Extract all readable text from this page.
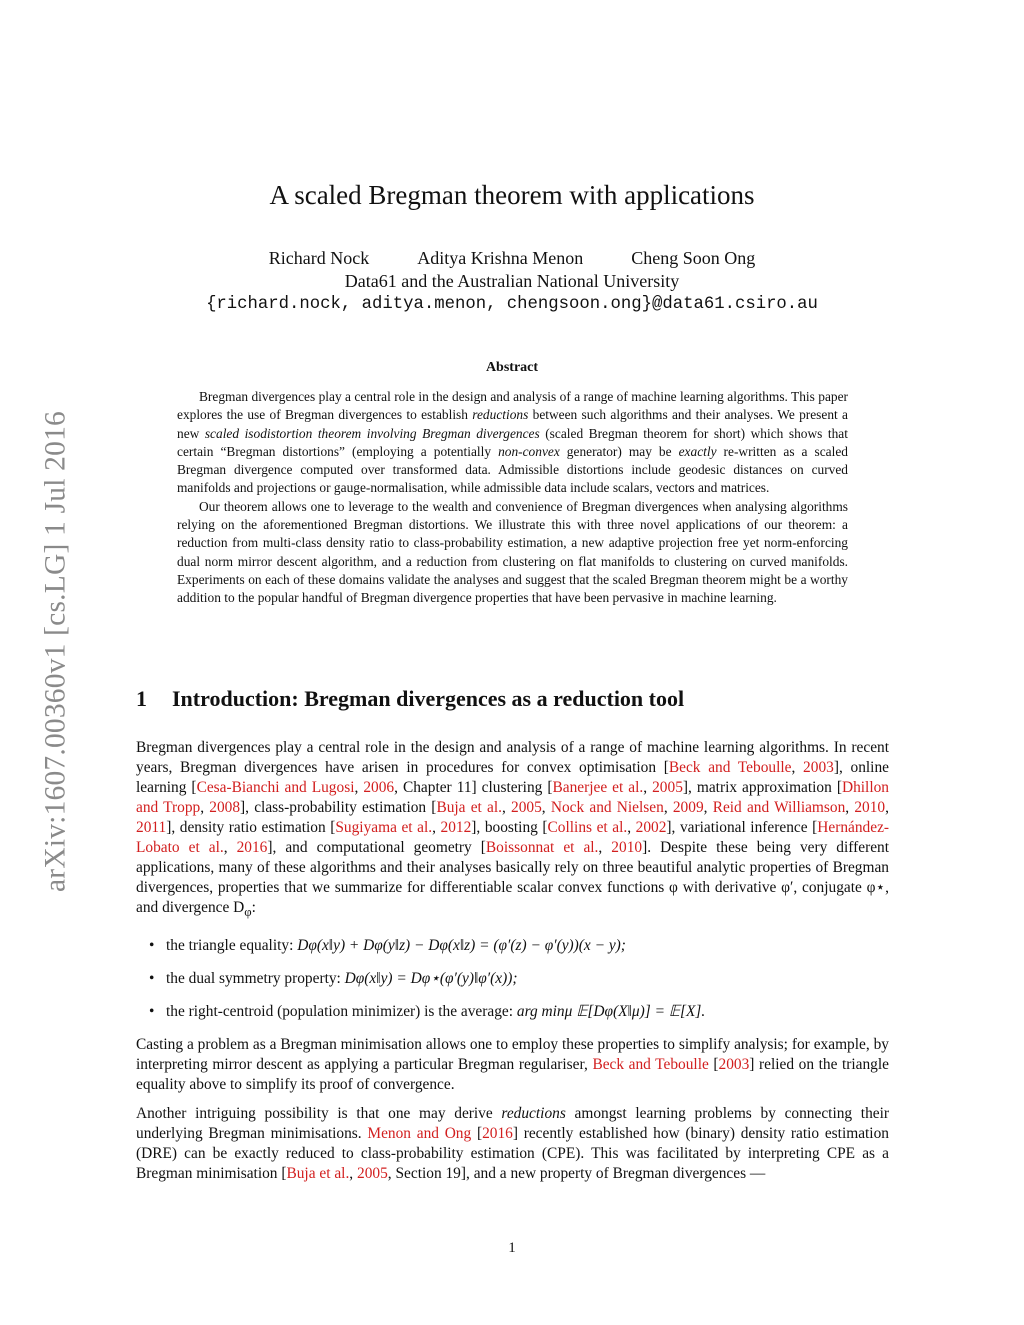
arXiv:1607.00360v1 [cs.LG] 1 Jul 2016
A scaled Bregman theorem with applications
Richard Nock	Aditya Krishna Menon	Cheng Soon Ong
Data61 and the Australian National University
{richard.nock, aditya.menon, chengsoon.ong}@data61.csiro.au
Abstract

Bregman divergences play a central role in the design and analysis of a range of machine learning algorithms. This paper explores the use of Bregman divergences to establish reductions between such algorithms and their analyses. We present a new scaled isodistortion theorem involving Bregman divergences (scaled Bregman theorem for short) which shows that certain “Bregman distortions” (employing a potentially non-convex generator) may be exactly re-written as a scaled Bregman divergence computed over transformed data. Admissible distortions include geodesic distances on curved manifolds and projections or gauge-normalisation, while admissible data include scalars, vectors and matrices.

Our theorem allows one to leverage to the wealth and convenience of Bregman divergences when analysing algorithms relying on the aforementioned Bregman distortions. We illustrate this with three novel applications of our theorem: a reduction from multi-class density ratio to class-probability estimation, a new adaptive projection free yet norm-enforcing dual norm mirror descent algorithm, and a reduction from clustering on flat manifolds to clustering on curved manifolds. Experiments on each of these domains validate the analyses and suggest that the scaled Bregman theorem might be a worthy addition to the popular handful of Bregman divergence properties that have been pervasive in machine learning.

1 Introduction: Bregman divergences as a reduction tool

Bregman divergences play a central role in the design and analysis of a range of machine learning algorithms. In recent years, Bregman divergences have arisen in procedures for convex optimisation [Beck and Teboulle, 2003], online learning [Cesa-Bianchi and Lugosi, 2006, Chapter 11] clustering [Banerjee et al., 2005], matrix approximation [Dhillon and Tropp, 2008], class-probability estimation [Buja et al., 2005, Nock and Nielsen, 2009, Reid and Williamson, 2010, 2011], density ratio estimation [Sugiyama et al., 2012], boosting [Collins et al., 2002], variational inference [Hernández-Lobato et al., 2016], and computational geometry [Boissonnat et al., 2010]. Despite these being very different applications, many of these algorithms and their analyses basically rely on three beautiful analytic properties of Bregman divergences, properties that we summarize for differentiable scalar convex functions φ with derivative φ′, conjugate φ⋆, and divergence $D_\varphi$:

• the triangle equality: Dφ(x‖y) + Dφ(y‖z) − Dφ(x‖z) = (φ′(z) − φ′(y))(x − y);
• the dual symmetry property: Dφ(x‖y) = Dφ⋆(φ′(y)‖φ′(x));
• the right-centroid (population minimizer) is the average: arg minμ 𝔼[Dφ(X‖μ)] = 𝔼[X].

Casting a problem as a Bregman minimisation allows one to employ these properties to simplify analysis; for example, by interpreting mirror descent as applying a particular Bregman regulariser, Beck and Teboulle [2003] relied on the triangle equality above to simplify its proof of convergence.

Another intriguing possibility is that one may derive reductions amongst learning problems by connecting their underlying Bregman minimisations. Menon and Ong [2016] recently established how (binary) density ratio estimation (DRE) can be exactly reduced to class-probability estimation (CPE). This was facilitated by interpreting CPE as a Bregman minimisation [Buja et al., 2005, Section 19], and a new property of Bregman divergences —

1
